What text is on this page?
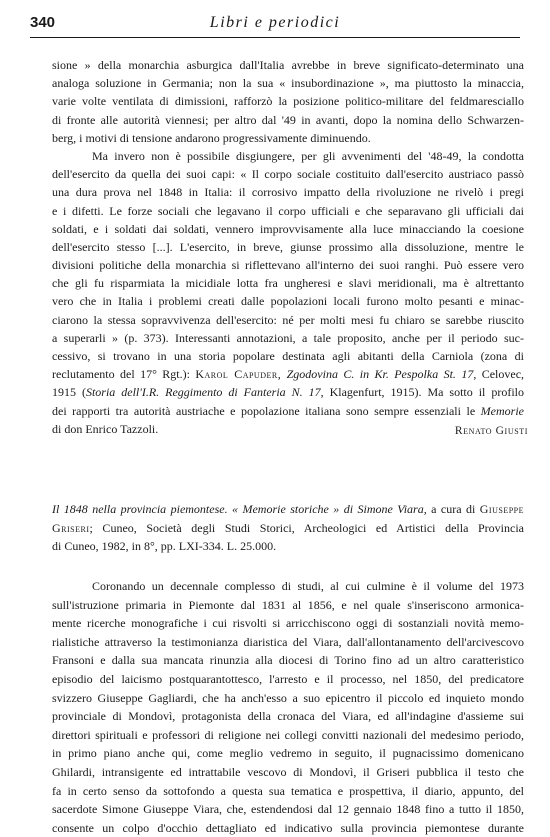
340	Libri e periodici
sione » della monarchia asburgica dall'Italia avrebbe in breve significato-determinato una
analoga soluzione in Germania; non la sua « insubordinazione », ma piuttosto la minaccia,
varie volte ventilata di dimissioni, rafforzò la posizione politico-militare del feldmaresciallo
di fronte alle autorità viennesi; per altro dal '49 in avanti, dopo la nomina dello Schwarzen-
berg, i motivi di tensione andarono progressivamente diminuendo.
Ma invero non è possibile disgiungere, per gli avvenimenti del '48-49, la condotta
dell'esercito da quella dei suoi capi: « Il corpo sociale costituito dall'esercito austriaco passò
una dura prova nel 1848 in Italia: il corrosivo impatto della rivoluzione ne rivelò i pregi
e i difetti. Le forze sociali che legavano il corpo ufficiali e che separavano gli ufficiali dai
soldati, e i soldati dai soldati, vennero improvvisamente alla luce minacciando la coesione
dell'esercito stesso [...]. L'esercito, in breve, giunse prossimo alla dissoluzione, mentre le
divisioni politiche della monarchia si riflettevano all'interno dei suoi ranghi. Può essere vero
che gli fu risparmiata la micidiale lotta fra ungheresi e slavi meridionali, ma è altrettanto
vero che in Italia i problemi creati dalle popolazioni locali furono molto pesanti e minac-
ciarono la stessa sopravvivenza dell'esercito: né per molti mesi fu chiaro se sarebbe riuscito
a superarli » (p. 373). Interessanti annotazioni, a tale proposito, anche per il periodo suc-
cessivo, si trovano in una storia popolare destinata agli abitanti della Carniola (zona di
reclutamento del 17° Rgt.): Karol Capuder, Zgodovina C. in Kr. Pespolka St. 17, Celovec,
1915 (Storia dell'I.R. Reggimento di Fanteria N. 17, Klagenfurt, 1915). Ma sotto il profilo
dei rapporti tra autorità austriache e popolazione italiana sono sempre essenziali le Memorie
di don Enrico Tazzoli.	Renato Giusti
Il 1848 nella provincia piemontese. « Memorie storiche » di Simone Viara, a cura di Giuseppe
Griseri; Cuneo, Società degli Studi Storici, Archeologici ed Artistici della Provincia
di Cuneo, 1982, in 8°, pp. LXI-334. L. 25.000.
Coronando un decennale complesso di studi, al cui culmine è il volume del 1973
sull'istruzione primaria in Piemonte dal 1831 al 1856, e nel quale s'inseriscono armonica-
mente ricerche monografiche i cui risvolti si arricchiscono oggi di sostanziali novità memo-
rialistiche attraverso la testimonianza diaristica del Viara, dall'allontanamento dell'arcivescovo
Fransoni e dalla sua mancata rinunzia alla diocesi di Torino fino ad un altro caratteristico
episodio del laicismo postquarantottesco, l'arresto e il processo, nel 1850, del predicatore
svizzero Giuseppe Gagliardi, che ha anch'esso a suo epicentro il piccolo ed inquieto mondo
provinciale di Mondovì, protagonista della cronaca del Viara, ed all'indagine d'assieme sui
direttori spirituali e professori di religione nei collegi convitti nazionali del medesimo periodo,
in primo piano anche qui, come meglio vedremo in seguito, il pugnacissimo domenicano
Ghilardi, intransigente ed intrattabile vescovo di Mondovì, il Griseri pubblica il testo che
fa in certo senso da sottofondo a questa sua tematica e prospettiva, il diario, appunto, del
sacerdote Simone Giuseppe Viara, che, estendendosi dal 12 gennaio 1848 fino a tutto il 1850,
consente un colpo d'occhio dettagliato ed indicativo sulla provincia piemontese durante
